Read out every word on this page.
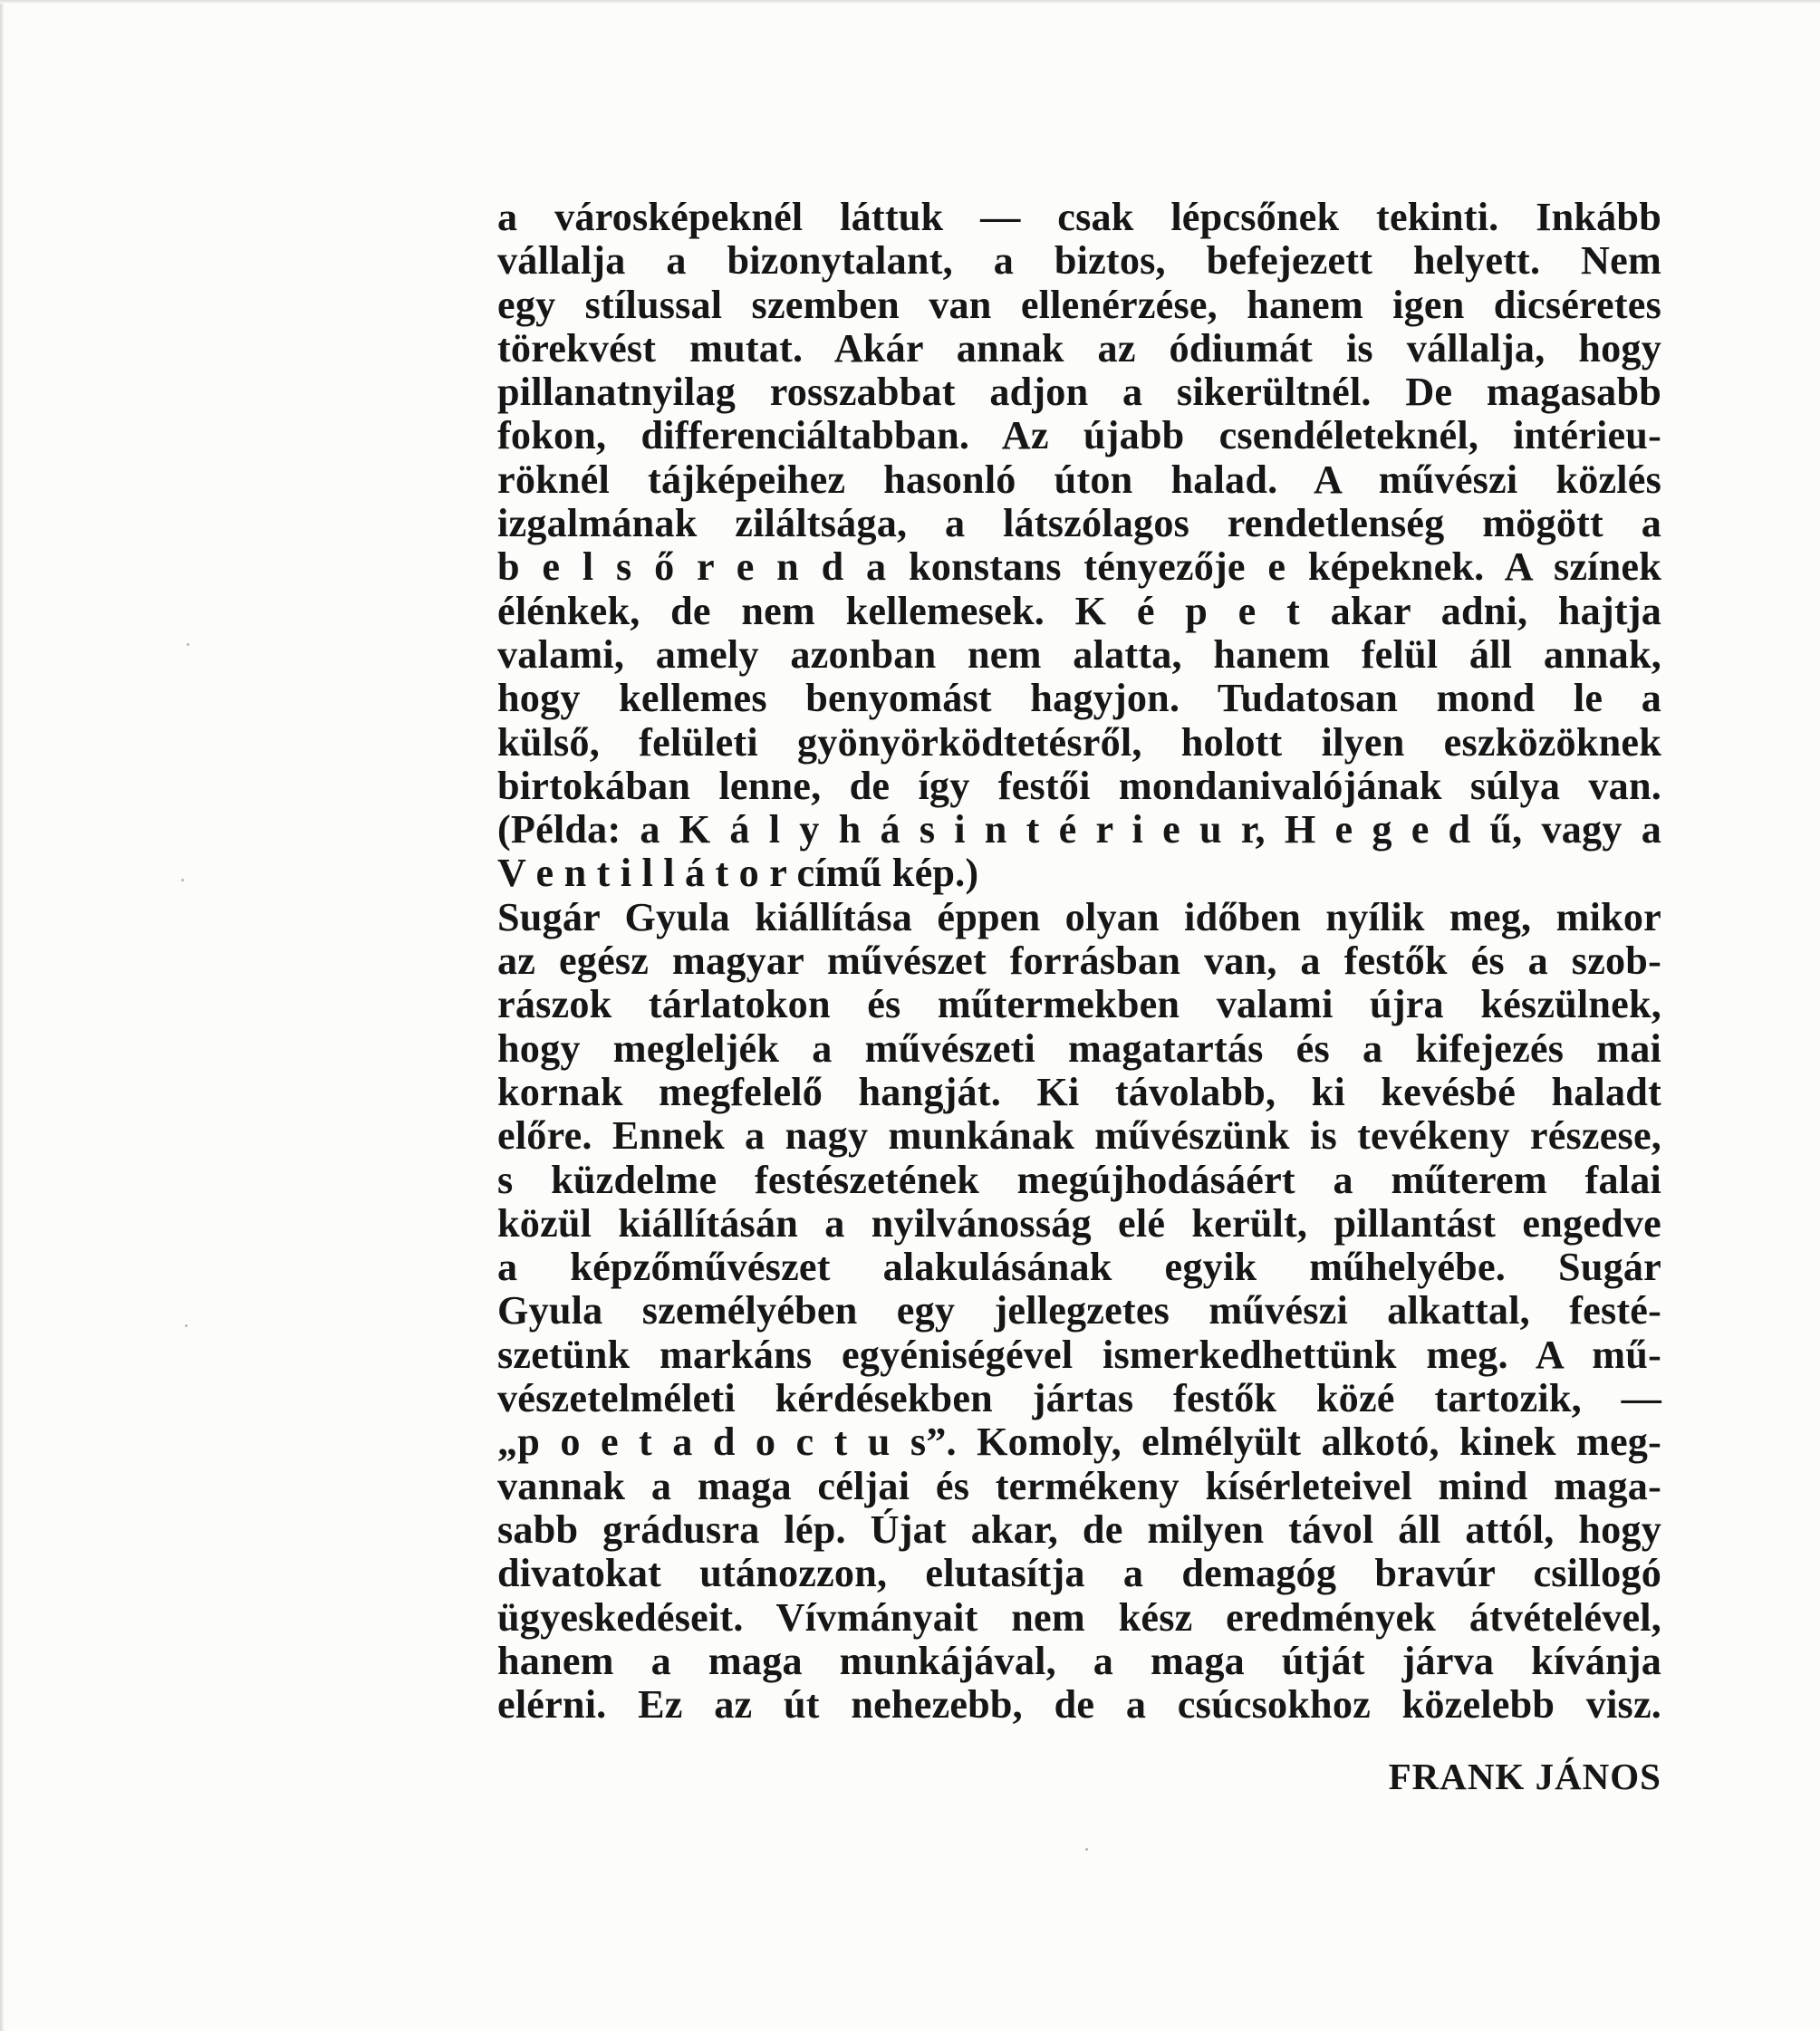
a városképeknél láttuk — csak lépcsőnek tekinti. Inkább
vállalja a bizonytalant, a biztos, befejezett helyett. Nem
egy stílussal szemben van ellenérzése, hanem igen dicséretes
törekvést mutat. Akár annak az ódiumát is vállalja, hogy
pillanatnyilag rosszabbat adjon a sikerültnél. De magasabb
fokon, differenciáltabban. Az újabb csendéleteknél, intérieu-
röknél tájképeihez hasonló úton halad. A művészi közlés
izgalmának ziláltsága, a látszólagos rendetlenség mögött a
b e l s ő r e n d a konstans tényezője e képeknek. A színek
élénkek, de nem kellemesek. K é p e t akar adni, hajtja
valami, amely azonban nem alatta, hanem felül áll annak,
hogy kellemes benyomást hagyjon. Tudatosan mond le a
külső, felületi gyönyörködtetésről, holott ilyen eszközöknek
birtokában lenne, de így festői mondanivalójának súlya van.
(Példa: a K á l y h á s i n t é r i e u r, H e g e d ű, vagy a
V e n t i l l á t o r című kép.)
Sugár Gyula kiállítása éppen olyan időben nyílik meg, mikor
az egész magyar művészet forrásban van, a festők és a szob-
rászok tárlatokon és műtermekben valami újra készülnek,
hogy megleljék a művészeti magatartás és a kifejezés mai
kornak megfelelő hangját. Ki távolabb, ki kevésbé haladt
előre. Ennek a nagy munkának művészünk is tevékeny részese,
s küzdelme festészetének megújhodásáért a műterem falai
közül kiállításán a nyilvánosság elé került, pillantást engedve
a képzőművészet alakulásának egyik műhelyébe. Sugár
Gyula személyében egy jellegzetes művészi alkattal, festé-
szetünk markáns egyéniségével ismerkedhettünk meg. A mű-
vészetelméleti kérdésekben jártas festők közé tartozik, —
„p o e t a d o c t u s”. Komoly, elmélyült alkotó, kinek meg-
vannak a maga céljai és termékeny kísérleteivel mind maga-
sabb grádusra lép. Újat akar, de milyen távol áll attól, hogy
divatokat utánozzon, elutasítja a demagóg bravúr csillogó
ügyeskedéseit. Vívmányait nem kész eredmények átvételével,
hanem a maga munkájával, a maga útját járva kívánja
elérni. Ez az út nehezebb, de a csúcsokhoz közelebb visz.
FRANK JÁNOS
